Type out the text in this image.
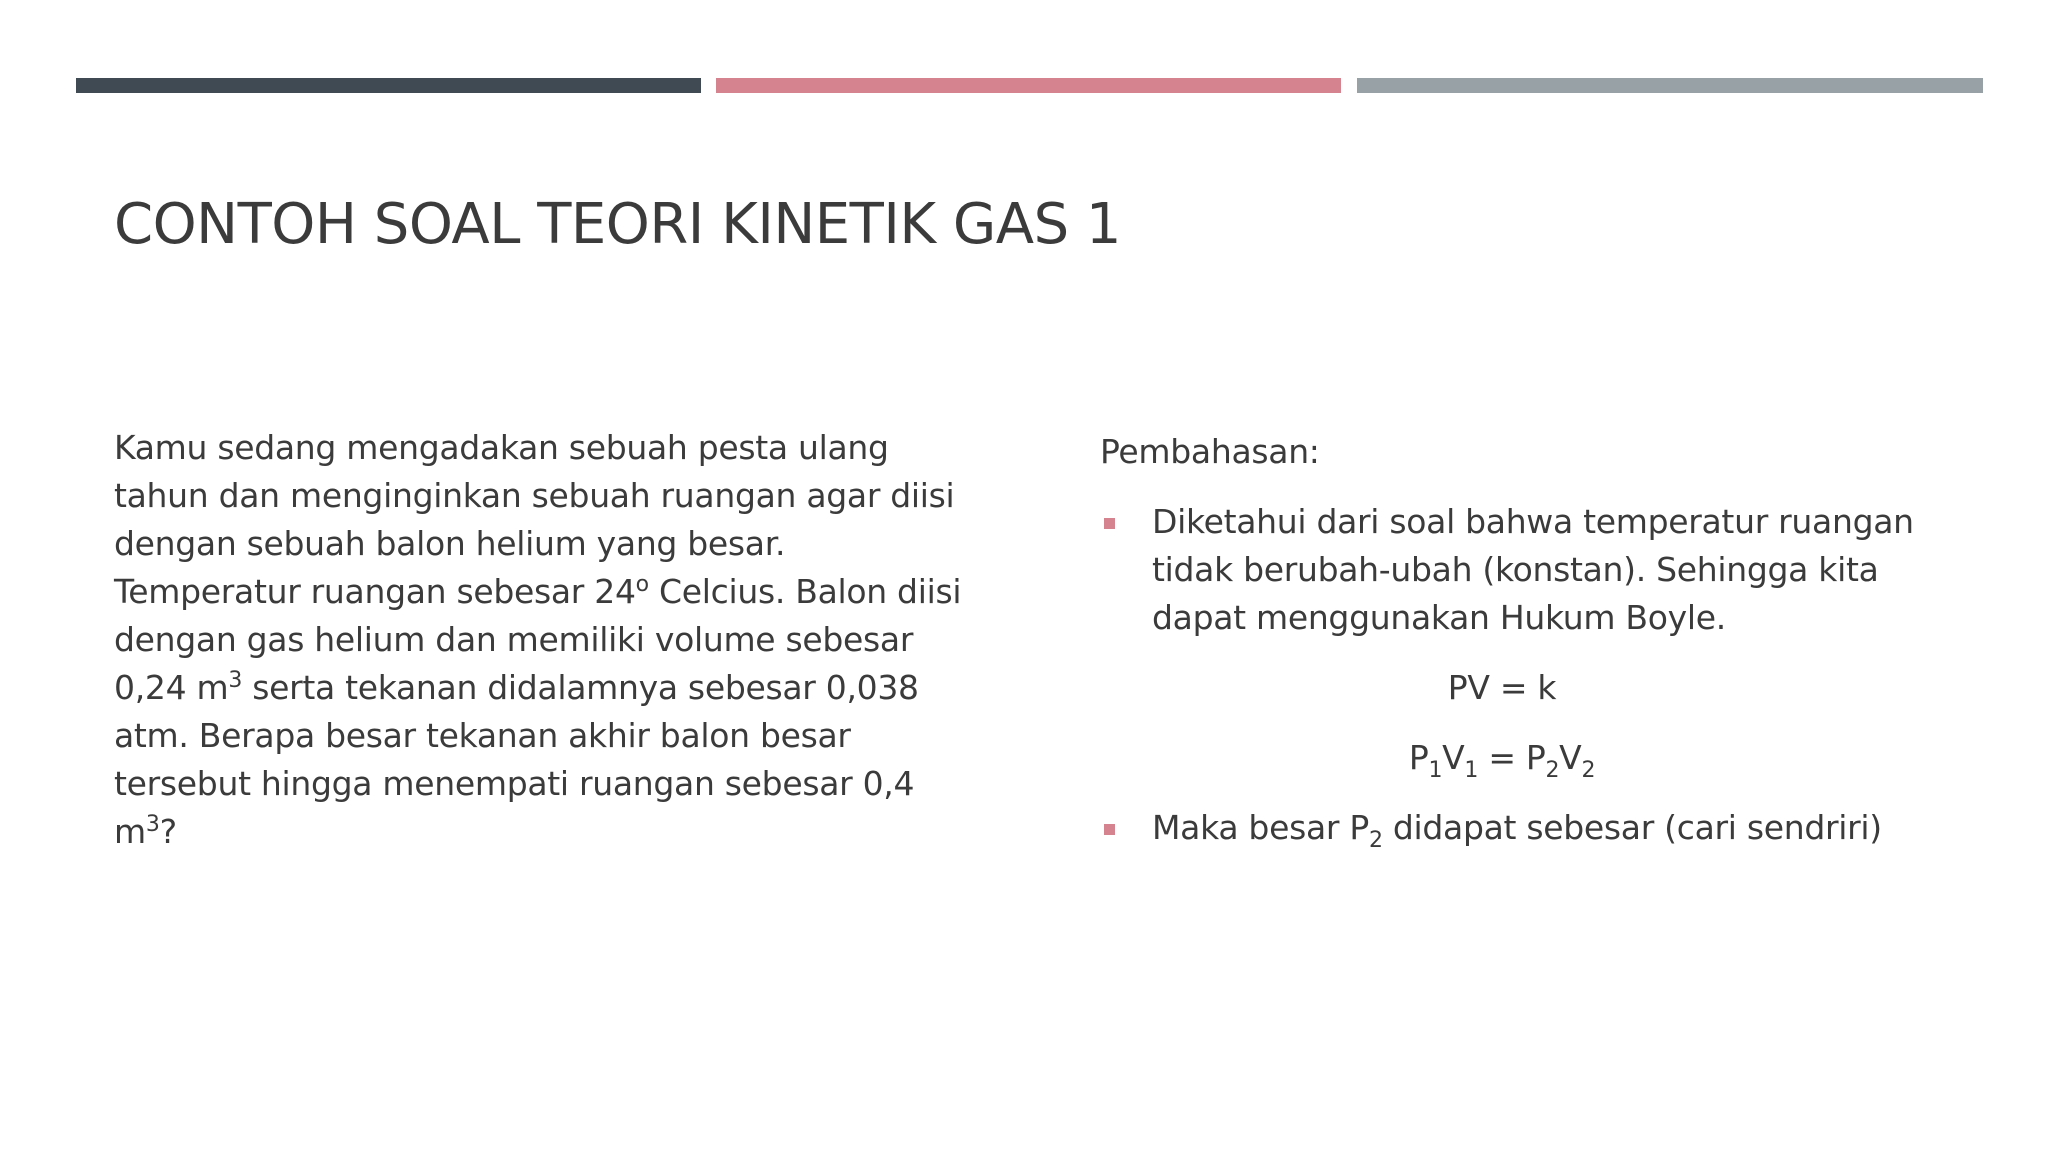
CONTOH SOAL TEORI KINETIK GAS 1
Kamu sedang mengadakan sebuah pesta ulang
tahun dan menginginkan sebuah ruangan agar diisi
dengan sebuah balon helium yang besar.
Temperatur ruangan sebesar 24$^o$ Celcius. Balon diisi
dengan gas helium dan memiliki volume sebesar
0,24 $m^3$ serta tekanan didalamnya sebesar 0,038
atm. Berapa besar tekanan akhir balon besar
tersebut hingga menempati ruangan sebesar 0,4
$m^3$?
Pembahasan:
Diketahui dari soal bahwa temperatur ruangan
tidak berubah-ubah (konstan). Sehingga kita
dapat menggunakan Hukum Boyle.
PV = k
$P_1V_1 = P_2V_2$
Maka besar $P_2$ didapat sebesar (cari sendriri)
